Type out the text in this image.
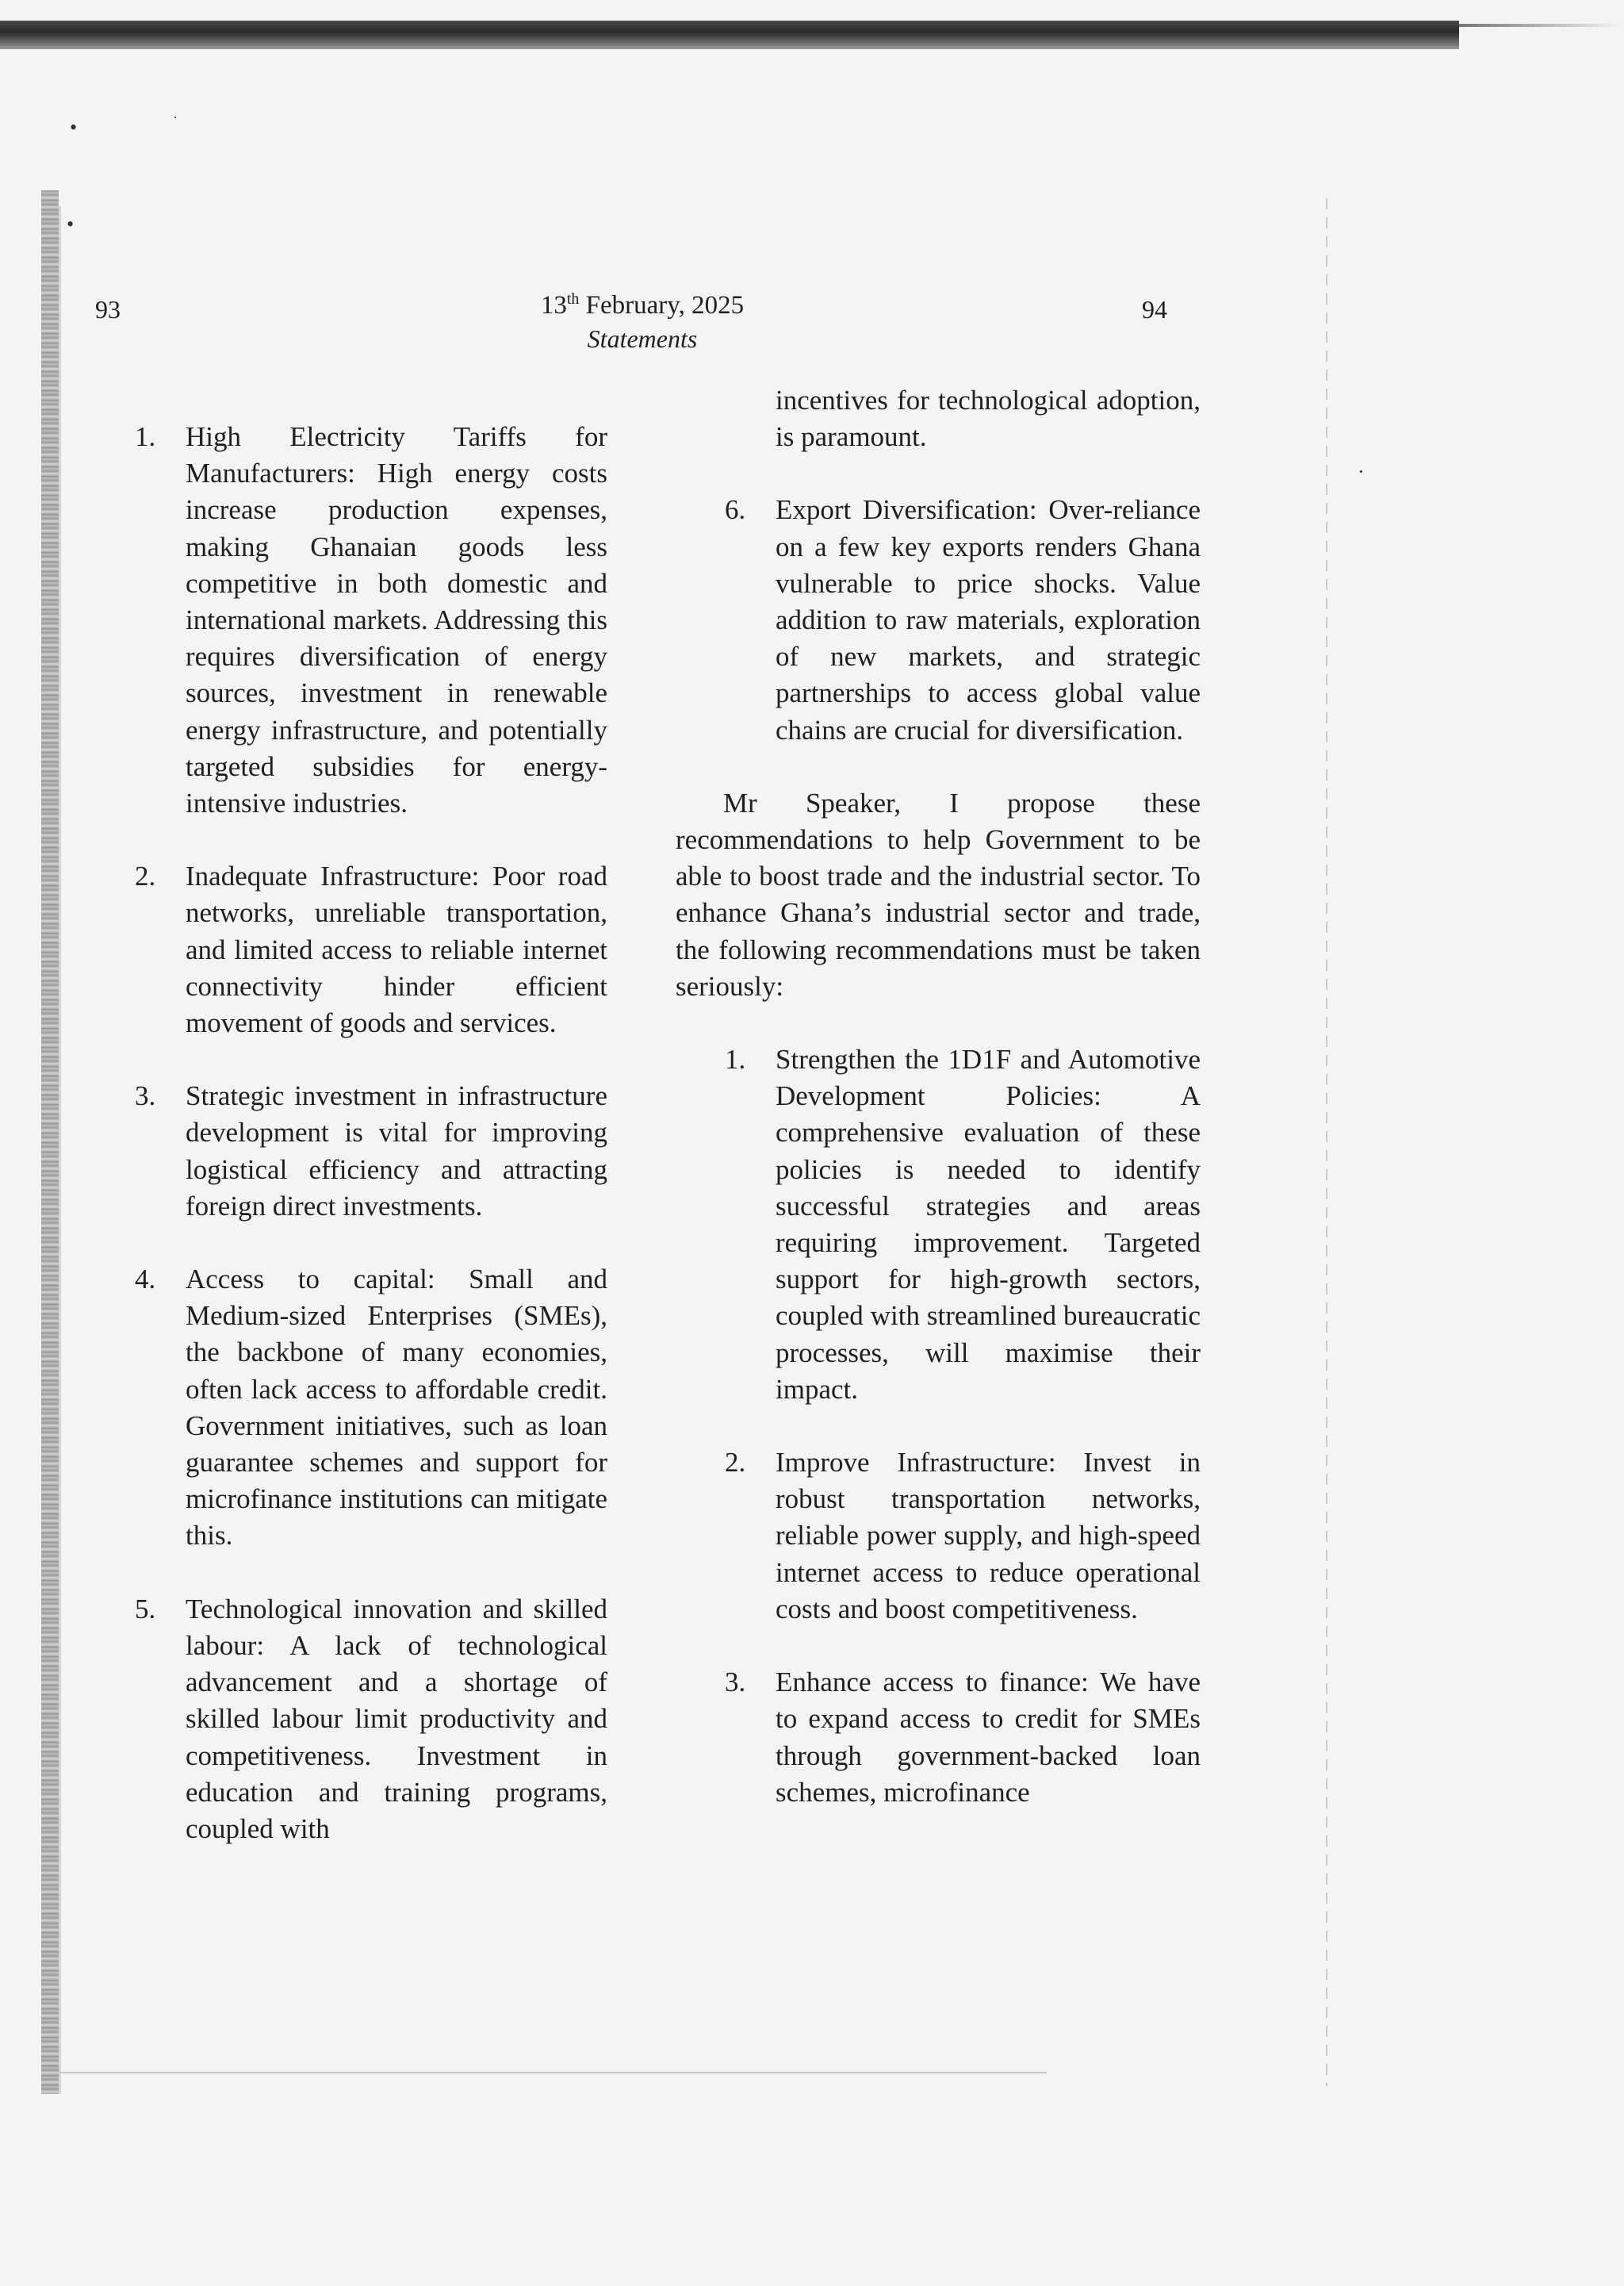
•	·
•
·
93	94
13th February, 2025
Statements
1.	High Electricity Tariffs for Manufacturers: High energy costs increase production expenses, making Ghanaian goods less competitive in both domestic and international markets. Addressing this requires diversification of energy sources, investment in renewable energy infrastructure, and potentially targeted subsidies for energy-intensive industries.
2.	Inadequate Infrastructure: Poor road networks, unreliable transportation, and limited access to reliable internet connectivity hinder efficient movement of goods and services.
3.	Strategic investment in infrastructure development is vital for improving logistical efficiency and attracting foreign direct investments.
4.	Access to capital: Small and Medium-sized Enterprises (SMEs), the backbone of many economies, often lack access to affordable credit. Government initiatives, such as loan guarantee schemes and support for microfinance institutions can mitigate this.
5.	Technological innovation and skilled labour: A lack of technological advancement and a shortage of skilled labour limit productivity and competitiveness. Investment in education and training programs, coupled with
incentives for technological adoption, is paramount.
6.	Export Diversification: Over-reliance on a few key exports renders Ghana vulnerable to price shocks. Value addition to raw materials, exploration of new markets, and strategic partnerships to access global value chains are crucial for diversification.

Mr Speaker, I propose these recommendations to help Government to be able to boost trade and the industrial sector. To enhance Ghana’s industrial sector and trade, the following recommendations must be taken seriously:

1.	Strengthen the 1D1F and Automotive Development Policies: A comprehensive evaluation of these policies is needed to identify successful strategies and areas requiring improvement. Targeted support for high-growth sectors, coupled with streamlined bureaucratic processes, will maximise their impact.
2.	Improve Infrastructure: Invest in robust transportation networks, reliable power supply, and high-speed internet access to reduce operational costs and boost competitiveness.
3.	Enhance access to finance: We have to expand access to credit for SMEs through government-backed loan schemes, microfinance
